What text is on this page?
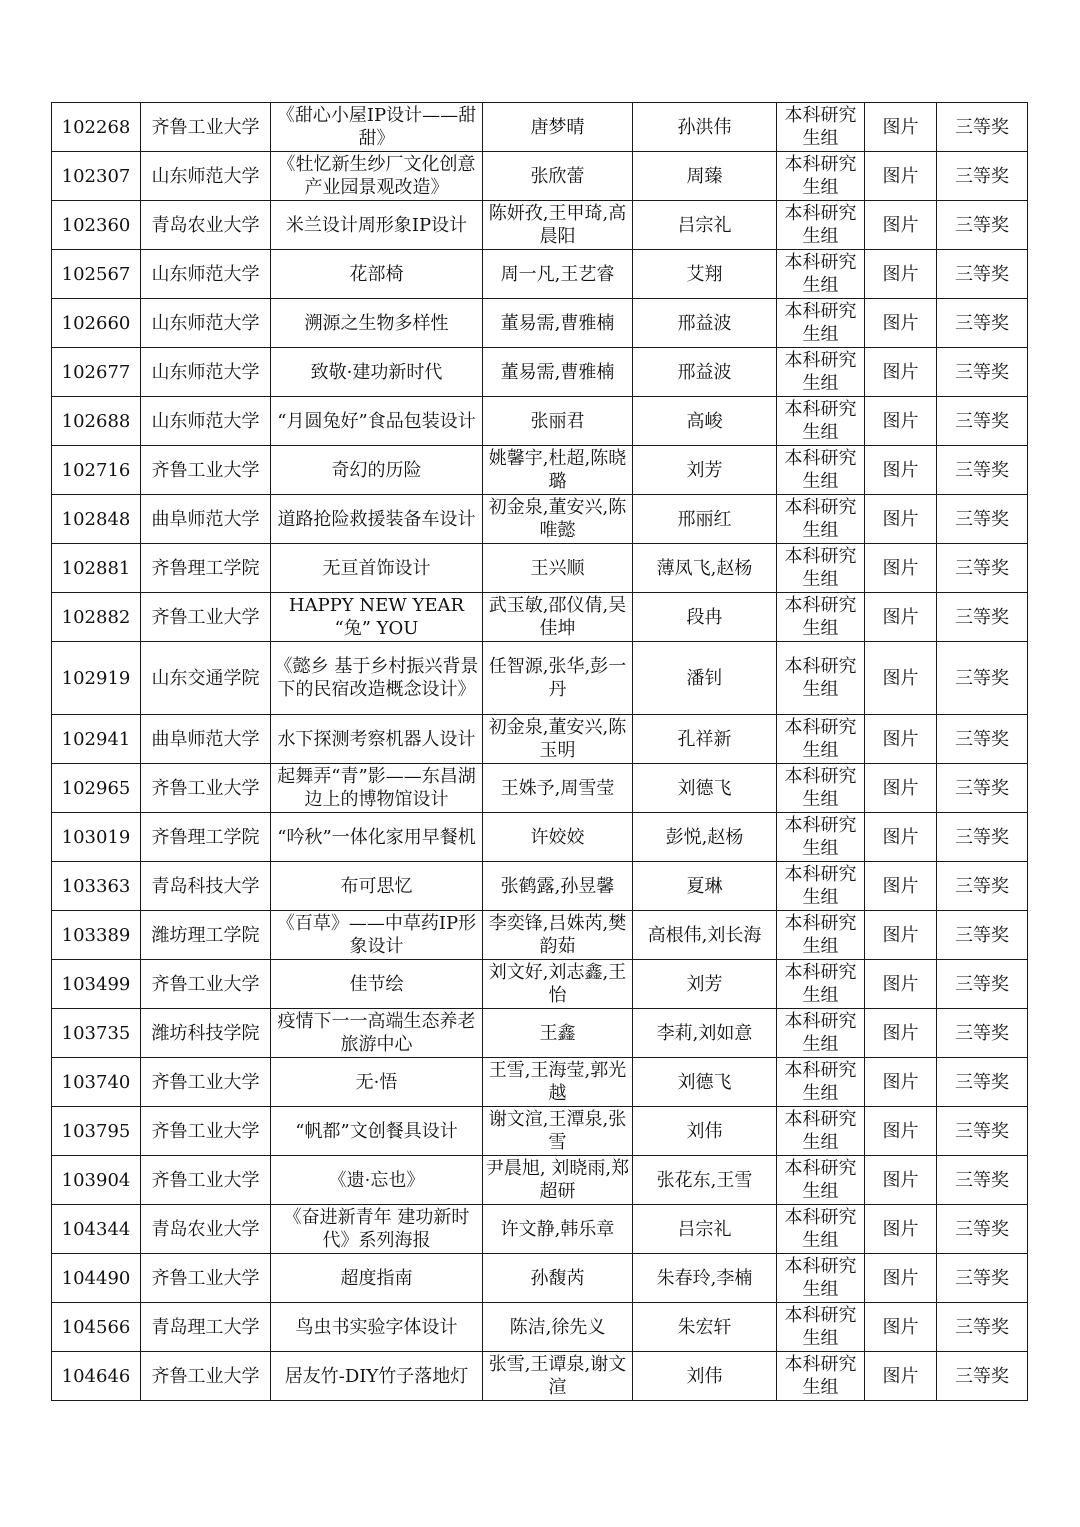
102268	齐鲁工业大学	《甜心小屋IP设计——甜甜》	唐梦晴	孙洪伟	本科研究生组	图片	三等奖
102307	山东师范大学	《牡忆新生纱厂文化创意产业园景观改造》	张欣蕾	周臻	本科研究生组	图片	三等奖
102360	青岛农业大学	米兰设计周形象IP设计	陈妍孜,王甲琦,高晨阳	吕宗礼	本科研究生组	图片	三等奖
102567	山东师范大学	花部椅	周一凡,王艺睿	艾翔	本科研究生组	图片	三等奖
102660	山东师范大学	溯源之生物多样性	董易需,曹雅楠	邢益波	本科研究生组	图片	三等奖
102677	山东师范大学	致敬·建功新时代	董易需,曹雅楠	邢益波	本科研究生组	图片	三等奖
102688	山东师范大学	“月圆兔好”食品包装设计	张丽君	高峻	本科研究生组	图片	三等奖
102716	齐鲁工业大学	奇幻的历险	姚馨宇,杜超,陈晓璐	刘芳	本科研究生组	图片	三等奖
102848	曲阜师范大学	道路抢险救援装备车设计	初金泉,董安兴,陈唯懿	邢丽红	本科研究生组	图片	三等奖
102881	齐鲁理工学院	无亘首饰设计	王兴顺	薄凤飞,赵杨	本科研究生组	图片	三等奖
102882	齐鲁工业大学	HAPPY NEW YEAR “兔” YOU	武玉敏,邵仪倩,吴佳坤	段冉	本科研究生组	图片	三等奖
102919	山东交通学院	《懿乡 基于乡村振兴背景下的民宿改造概念设计》	任智源,张华,彭一丹	潘钊	本科研究生组	图片	三等奖
102941	曲阜师范大学	水下探测考察机器人设计	初金泉,董安兴,陈玉明	孔祥新	本科研究生组	图片	三等奖
102965	齐鲁工业大学	起舞弄“青”影——东昌湖边上的博物馆设计	王姝予,周雪莹	刘德飞	本科研究生组	图片	三等奖
103019	齐鲁理工学院	“吟秋”一体化家用早餐机	许姣姣	彭悦,赵杨	本科研究生组	图片	三等奖
103363	青岛科技大学	布可思忆	张鹤露,孙昱馨	夏琳	本科研究生组	图片	三等奖
103389	潍坊理工学院	《百草》——中草药IP形象设计	李奕锋,吕姝芮,樊韵茹	高根伟,刘长海	本科研究生组	图片	三等奖
103499	齐鲁工业大学	佳节绘	刘文好,刘志鑫,王怡	刘芳	本科研究生组	图片	三等奖
103735	潍坊科技学院	疫情下一一高端生态养老旅游中心	王鑫	李莉,刘如意	本科研究生组	图片	三等奖
103740	齐鲁工业大学	无·悟	王雪,王海莹,郭光越	刘德飞	本科研究生组	图片	三等奖
103795	齐鲁工业大学	“帆都”文创餐具设计	谢文渲,王潭泉,张雪	刘伟	本科研究生组	图片	三等奖
103904	齐鲁工业大学	《遗·忘也》	尹晨旭, 刘晓雨,郑超研	张花东,王雪	本科研究生组	图片	三等奖
104344	青岛农业大学	《奋进新青年 建功新时代》系列海报	许文静,韩乐章	吕宗礼	本科研究生组	图片	三等奖
104490	齐鲁工业大学	超度指南	孙馥芮	朱春玲,李楠	本科研究生组	图片	三等奖
104566	青岛理工大学	鸟虫书实验字体设计	陈洁,徐先义	朱宏轩	本科研究生组	图片	三等奖
104646	齐鲁工业大学	居友竹-DIY竹子落地灯	张雪,王谭泉,谢文渲	刘伟	本科研究生组	图片	三等奖
